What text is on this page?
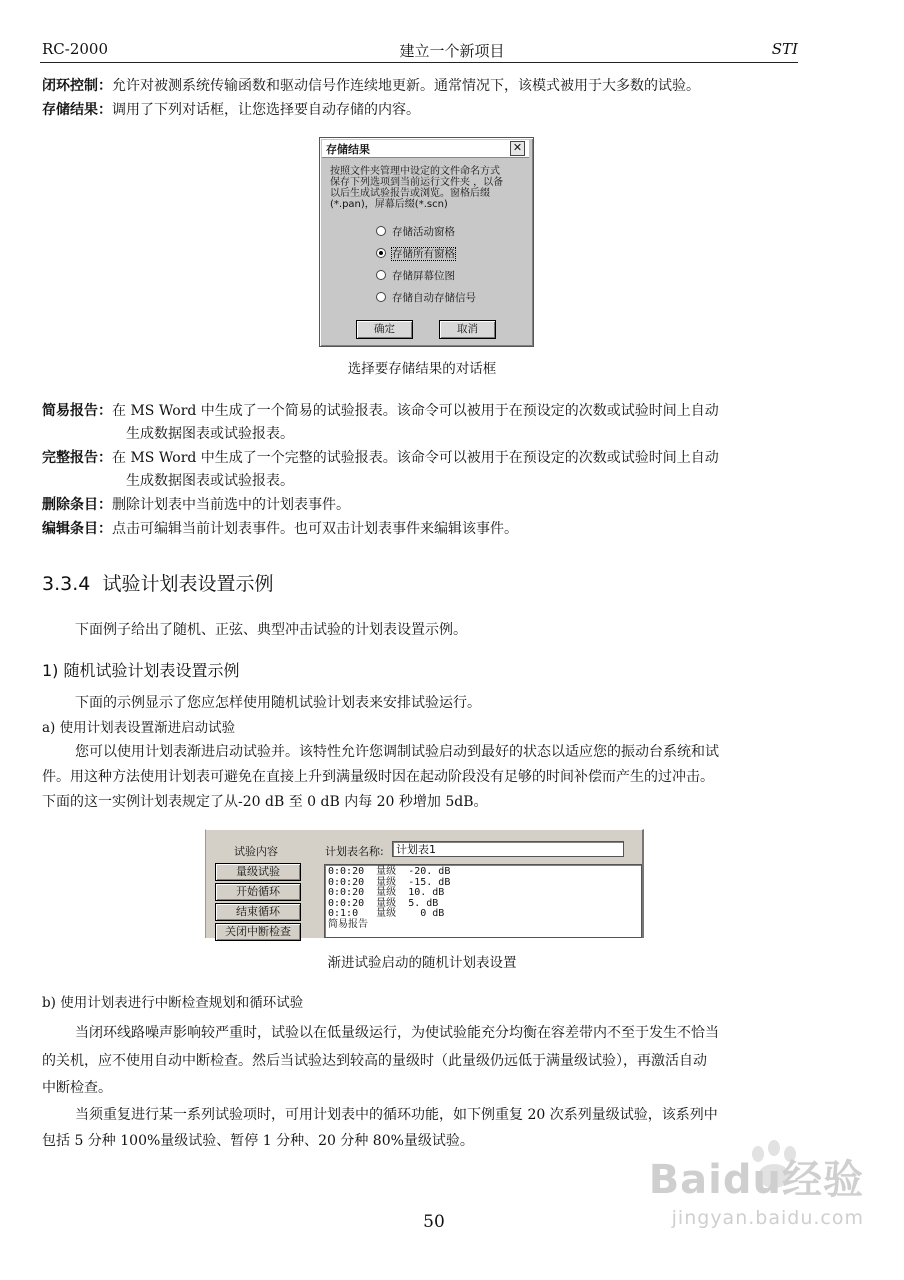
RC-2000	建立一个新项目	STI
闭环控制：允许对被测系统传输函数和驱动信号作连续地更新。通常情况下，该模式被用于大多数的试验。
存储结果：调用了下列对话框，让您选择要自动存储的内容。
存储结果	✕
按照文件夹管理中设定的文件命名方式
保存下列选项到当前运行文件夹 ，以备
以后生成试验报告或浏览。窗格后缀
(*.pan)，屏幕后缀(*.scn)
存储活动窗格
存储所有窗格
存储屏幕位图
存储自动存储信号
确定	取消
选择要存储结果的对话框
简易报告：在 MS Word 中生成了一个简易的试验报表。该命令可以被用于在预设定的次数或试验时间上自动
生成数据图表或试验报表。
完整报告：在 MS Word 中生成了一个完整的试验报表。该命令可以被用于在预设定的次数或试验时间上自动
生成数据图表或试验报表。
删除条目：删除计划表中当前选中的计划表事件。
编辑条目：点击可编辑当前计划表事件。也可双击计划表事件来编辑该事件。
3.3.4 试验计划表设置示例
下面例子给出了随机、正弦、典型冲击试验的计划表设置示例。
1) 随机试验计划表设置示例
下面的示例显示了您应怎样使用随机试验计划表来安排试验运行。
a) 使用计划表设置渐进启动试验
您可以使用计划表渐进启动试验并。该特性允许您调制试验启动到最好的状态以适应您的振动台系统和试
件。用这种方法使用计划表可避免在直接上升到满量级时因在起动阶段没有足够的时间补偿而产生的过冲击。
下面的这一实例计划表规定了从-20 dB 至 0 dB 内每 20 秒增加 5dB。
试验内容	计划表名称:	计划表1
量级试验
开始循环
结束循环
关闭中断检查
0:0:20  量级  -20. dB
0:0:20  量级  -15. dB
0:0:20  量级  10. dB
0:0:20  量级  5. dB
0:1:0   量级    0 dB
简易报告
渐进试验启动的随机计划表设置
b) 使用计划表进行中断检查规划和循环试验
当闭环线路噪声影响较严重时，试验以在低量级运行，为使试验能充分均衡在容差带内不至于发生不恰当
的关机，应不使用自动中断检查。然后当试验达到较高的量级时（此量级仍远低于满量级试验），再激活自动
中断检查。
当须重复进行某一系列试验项时，可用计划表中的循环功能，如下例重复 20 次系列量级试验，该系列中
包括 5 分种 100%量级试验、暂停 1 分种、20 分种 80%量级试验。
Baidu经验
jingyan.baidu.com
50
